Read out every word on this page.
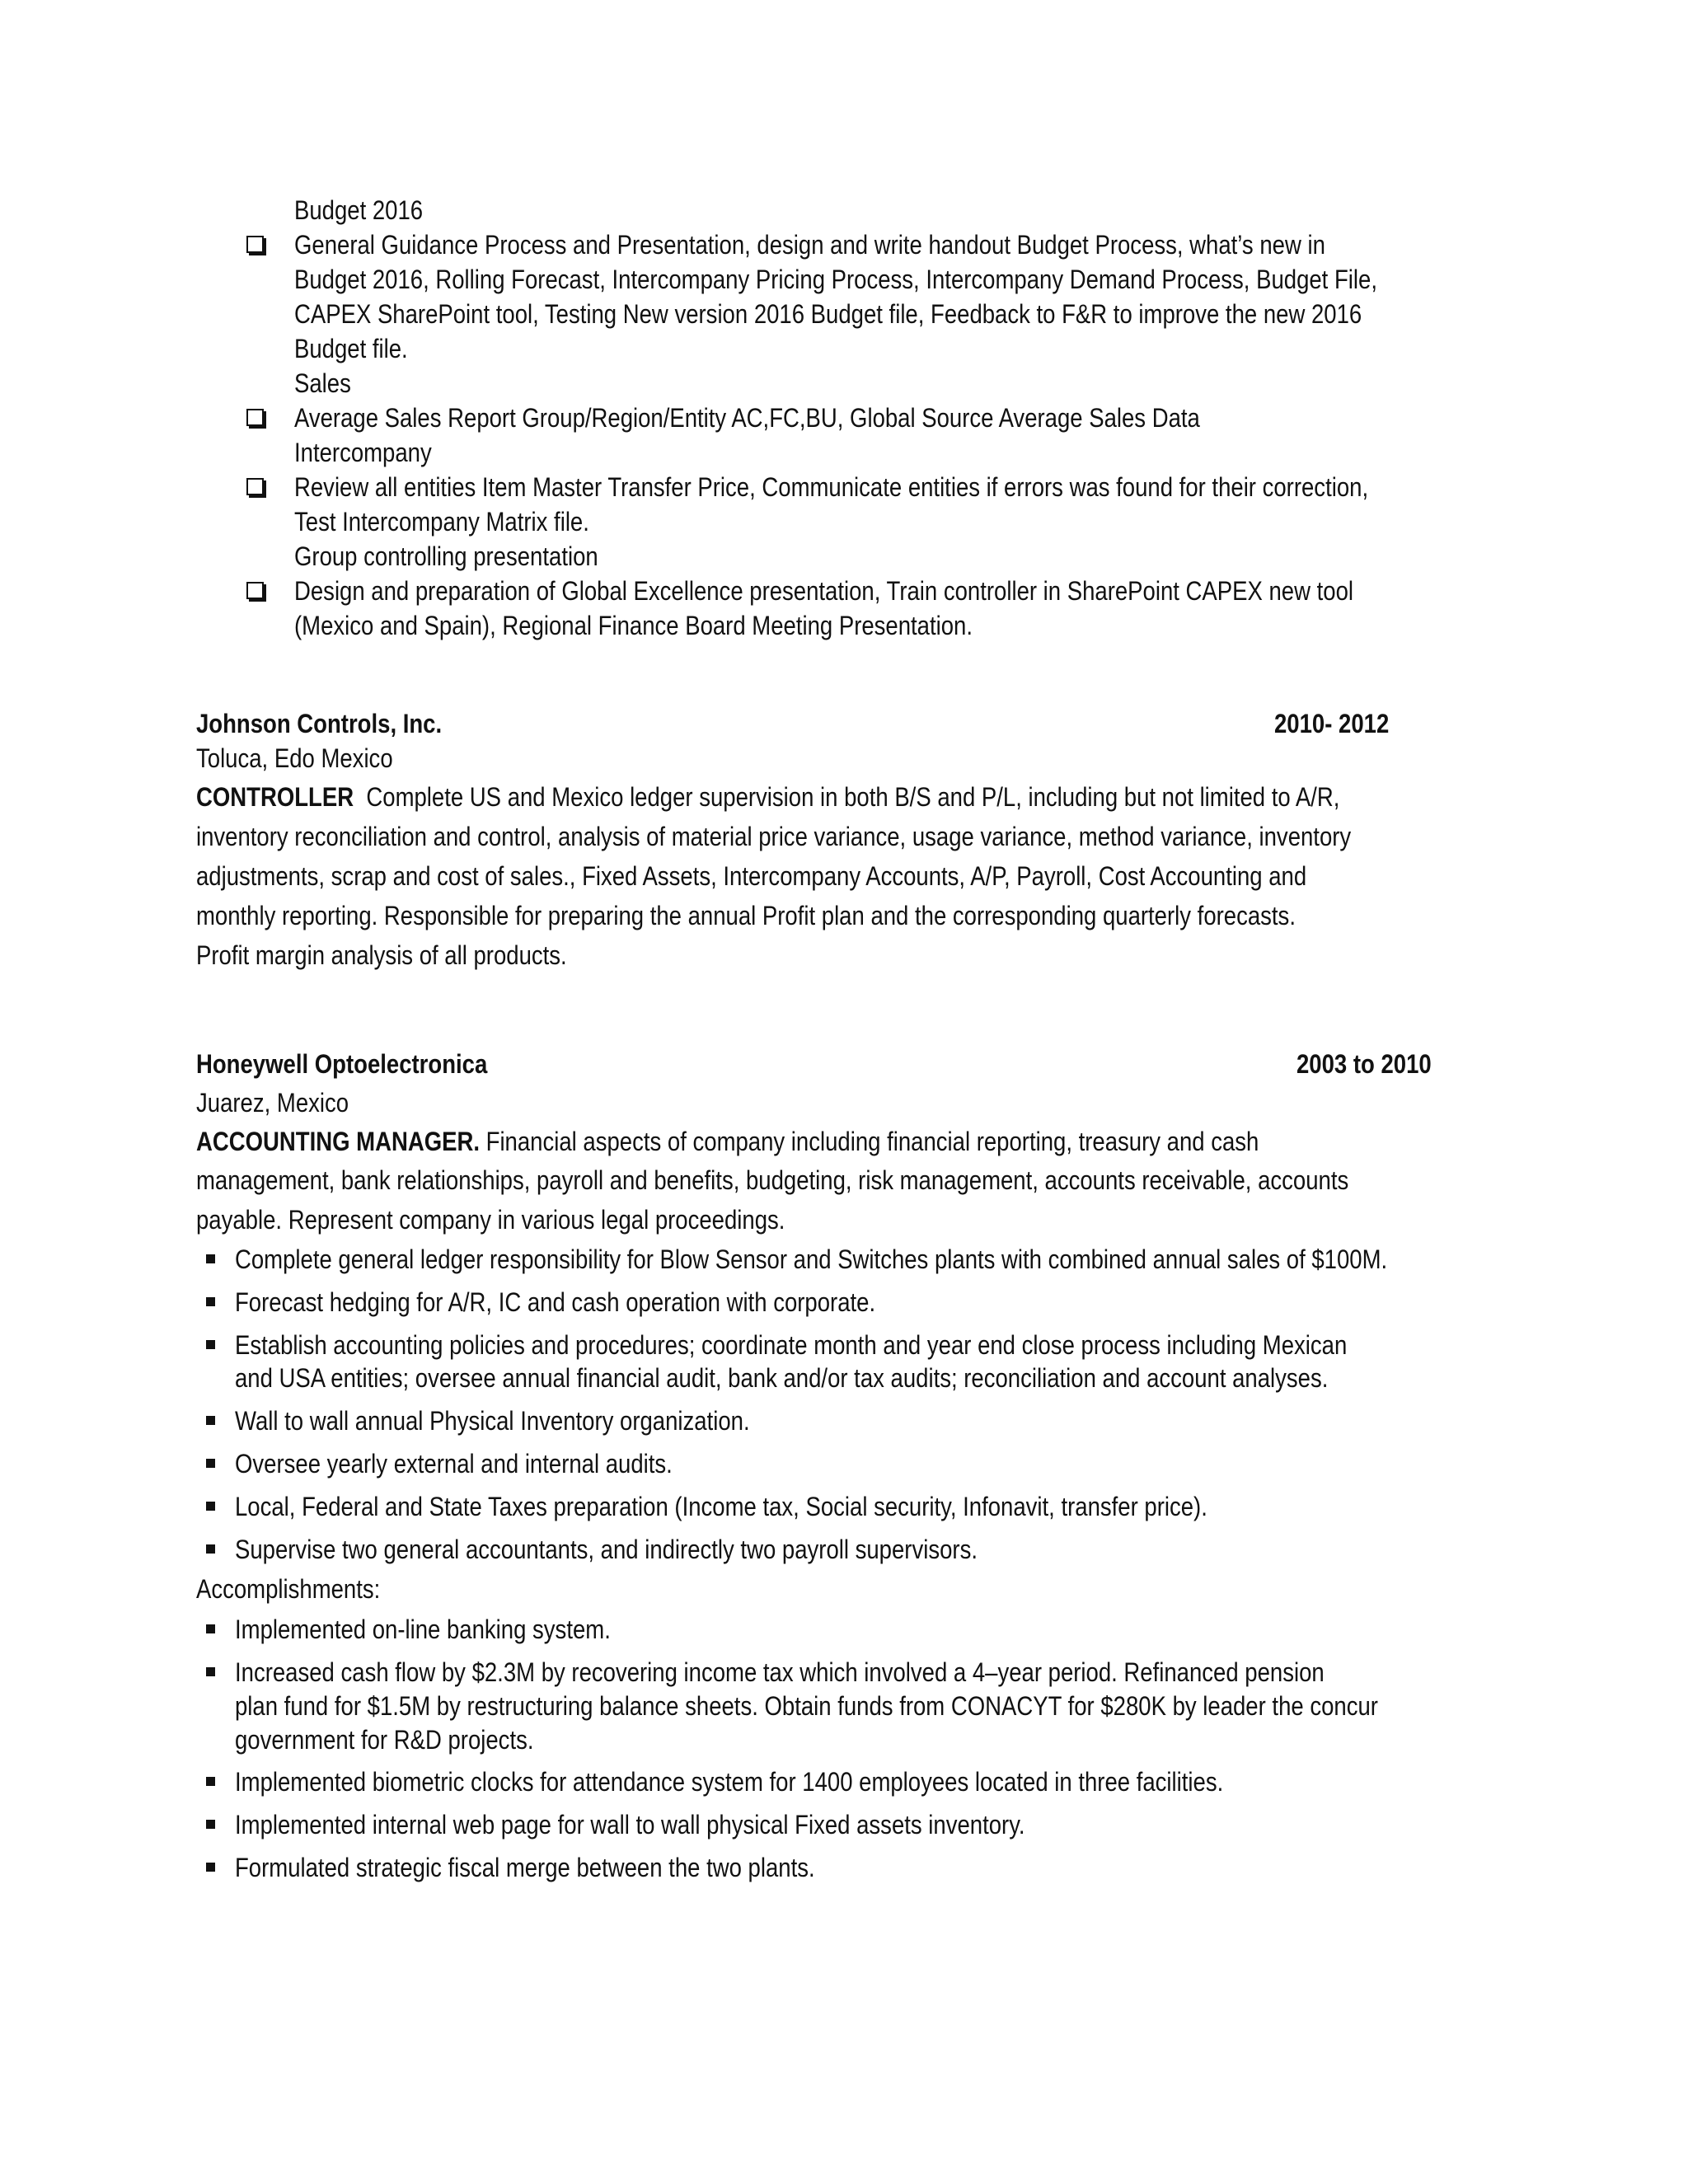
Budget 2016
General Guidance Process and Presentation, design and write handout Budget Process, what’s new in
Budget 2016, Rolling Forecast, Intercompany Pricing Process, Intercompany Demand Process, Budget File,
CAPEX SharePoint tool, Testing New version 2016 Budget file, Feedback to F&R to improve the new 2016
Budget file.
Sales
Average Sales Report Group/Region/Entity AC,FC,BU, Global Source Average Sales Data
Intercompany
Review all entities Item Master Transfer Price, Communicate entities if errors was found for their correction,
Test Intercompany Matrix file.
Group controlling presentation
Design and preparation of Global Excellence presentation, Train controller in SharePoint CAPEX new tool
(Mexico and Spain), Regional Finance Board Meeting Presentation.
Johnson Controls, Inc.	2010- 2012
Toluca, Edo Mexico
CONTROLLER Complete US and Mexico ledger supervision in both B/S and P/L, including but not limited to A/R,
inventory reconciliation and control, analysis of material price variance, usage variance, method variance, inventory
adjustments, scrap and cost of sales., Fixed Assets, Intercompany Accounts, A/P, Payroll, Cost Accounting and
monthly reporting. Responsible for preparing the annual Profit plan and the corresponding quarterly forecasts.
Profit margin analysis of all products.
Honeywell Optoelectronica	2003 to 2010
Juarez, Mexico
ACCOUNTING MANAGER. Financial aspects of company including financial reporting, treasury and cash
management, bank relationships, payroll and benefits, budgeting, risk management, accounts receivable, accounts
payable. Represent company in various legal proceedings.
Complete general ledger responsibility for Blow Sensor and Switches plants with combined annual sales of $100M.
Forecast hedging for A/R, IC and cash operation with corporate.
Establish accounting policies and procedures; coordinate month and year end close process including Mexican
and USA entities; oversee annual financial audit, bank and/or tax audits; reconciliation and account analyses.
Wall to wall annual Physical Inventory organization.
Oversee yearly external and internal audits.
Local, Federal and State Taxes preparation (Income tax, Social security, Infonavit, transfer price).
Supervise two general accountants, and indirectly two payroll supervisors.
Accomplishments:
Implemented on-line banking system.
Increased cash flow by $2.3M by recovering income tax which involved a 4–year period. Refinanced pension
plan fund for $1.5M by restructuring balance sheets. Obtain funds from CONACYT for $280K by leader the concur
government for R&D projects.
Implemented biometric clocks for attendance system for 1400 employees located in three facilities.
Implemented internal web page for wall to wall physical Fixed assets inventory.
Formulated strategic fiscal merge between the two plants.
